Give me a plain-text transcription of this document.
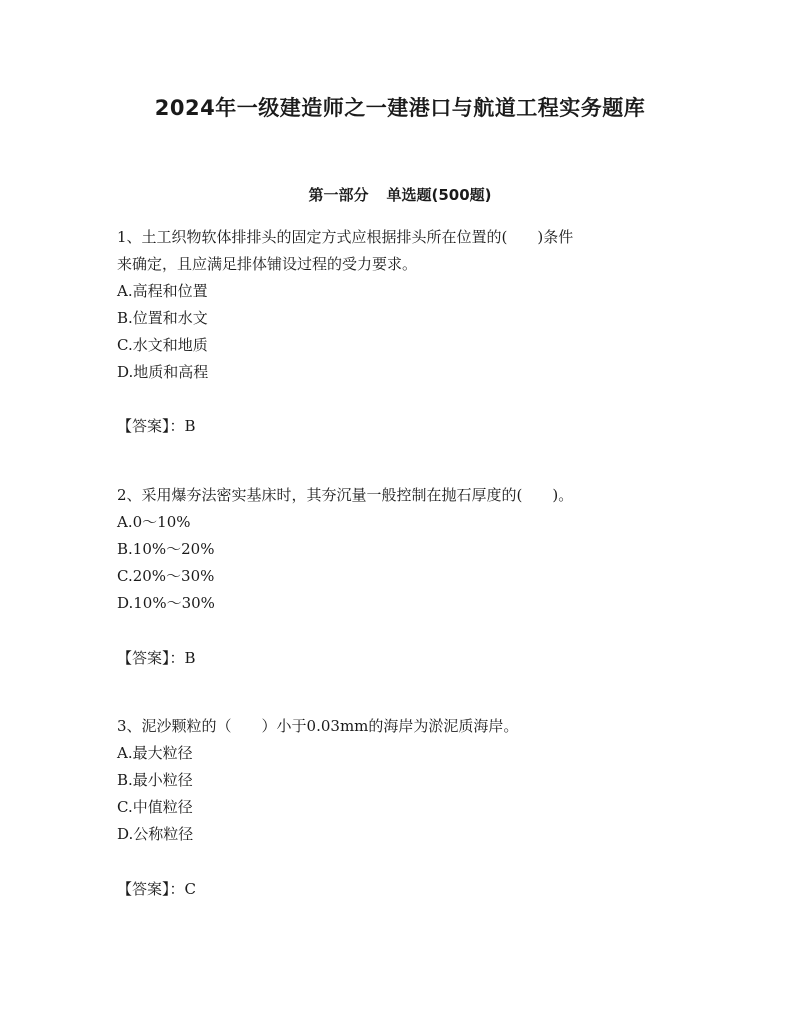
2024年一级建造师之一建港口与航道工程实务题库
第一部分 单选题(500题)
1、土工织物软体排排头的固定方式应根据排头所在位置的(　　)条件
来确定，且应满足排体铺设过程的受力要求。
A.高程和位置
B.位置和水文
C.水文和地质
D.地质和高程
【答案】：B
2、采用爆夯法密实基床时，其夯沉量一般控制在抛石厚度的(　　)。
A.0～10%
B.10%～20%
C.20%～30%
D.10%～30%
【答案】：B
3、泥沙颗粒的（　　）小于0.03mm的海岸为淤泥质海岸。
A.最大粒径
B.最小粒径
C.中值粒径
D.公称粒径
【答案】：C
